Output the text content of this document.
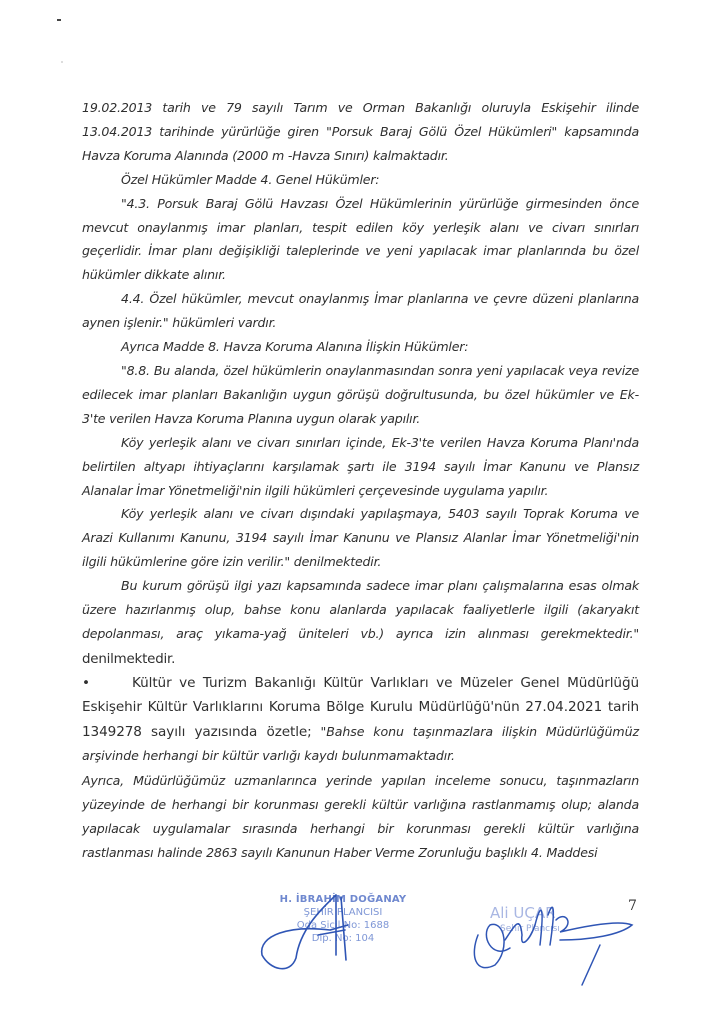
19.02.2013 tarih ve 79 sayılı Tarım ve Orman Bakanlığı oluruyla Eskişehir ilinde 13.04.2013 tarihinde yürürlüğe giren "Porsuk Baraj Gölü Özel Hükümleri" kapsamında Havza Koruma Alanında (2000 m -Havza Sınırı) kalmaktadır.

Özel Hükümler Madde 4. Genel Hükümler:

"4.3. Porsuk Baraj Gölü Havzası Özel Hükümlerinin yürürlüğe girmesinden önce mevcut onaylanmış imar planları, tespit edilen köy yerleşik alanı ve civarı sınırları geçerlidir. İmar planı değişikliği taleplerinde ve yeni yapılacak imar planlarında bu özel hükümler dikkate alınır.

4.4. Özel hükümler, mevcut onaylanmış İmar planlarına ve çevre düzeni planlarına aynen işlenir." hükümleri vardır.

Ayrıca Madde 8. Havza Koruma Alanına İlişkin Hükümler:

"8.8. Bu alanda, özel hükümlerin onaylanmasından sonra yeni yapılacak veya revize edilecek imar planları Bakanlığın uygun görüşü doğrultusunda, bu özel hükümler ve Ek-3'te verilen Havza Koruma Planına uygun olarak yapılır.

Köy yerleşik alanı ve civarı sınırları içinde, Ek-3'te verilen Havza Koruma Planı'nda belirtilen altyapı ihtiyaçlarını karşılamak şartı ile 3194 sayılı İmar Kanunu ve Plansız Alanalar İmar Yönetmeliği'nin ilgili hükümleri çerçevesinde uygulama yapılır.

Köy yerleşik alanı ve civarı dışındaki yapılaşmaya, 5403 sayılı Toprak Koruma ve Arazi Kullanımı Kanunu, 3194 sayılı İmar Kanunu ve Plansız Alanlar İmar Yönetmeliği'nin ilgili hükümlerine göre izin verilir." denilmektedir.

Bu kurum görüşü ilgi yazı kapsamında sadece imar planı çalışmalarına esas olmak üzere hazırlanmış olup, bahse konu alanlarda yapılacak faaliyetlerle ilgili (akaryakıt depolanması, araç yıkama-yağ üniteleri vb.) ayrıca izin alınması gerekmektedir." denilmektedir.

•	Kültür ve Turizm Bakanlığı Kültür Varlıkları ve Müzeler Genel Müdürlüğü Eskişehir Kültür Varlıklarını Koruma Bölge Kurulu Müdürlüğü'nün 27.04.2021 tarih 1349278 sayılı yazısında özetle; "Bahse konu taşınmazlara ilişkin Müdürlüğümüz arşivinde herhangi bir kültür varlığı kaydı bulunmamaktadır.

Ayrıca, Müdürlüğümüz uzmanlarınca yerinde yapılan inceleme sonucu, taşınmazların yüzeyinde de herhangi bir korunması gerekli kültür varlığına rastlanmamış olup; alanda yapılacak uygulamalar sırasında herhangi bir korunması gerekli kültür varlığına rastlanması halinde 2863 sayılı Kanunun Haber Verme Zorunluğu başlıklı 4. Maddesi

H. İBRAHİM DOĞANAY
ŞEHİR PLANCISI
Oda Sicil No: 1688
Dip. No: 104
Ali UÇAR
Şehir Plancısı
7
